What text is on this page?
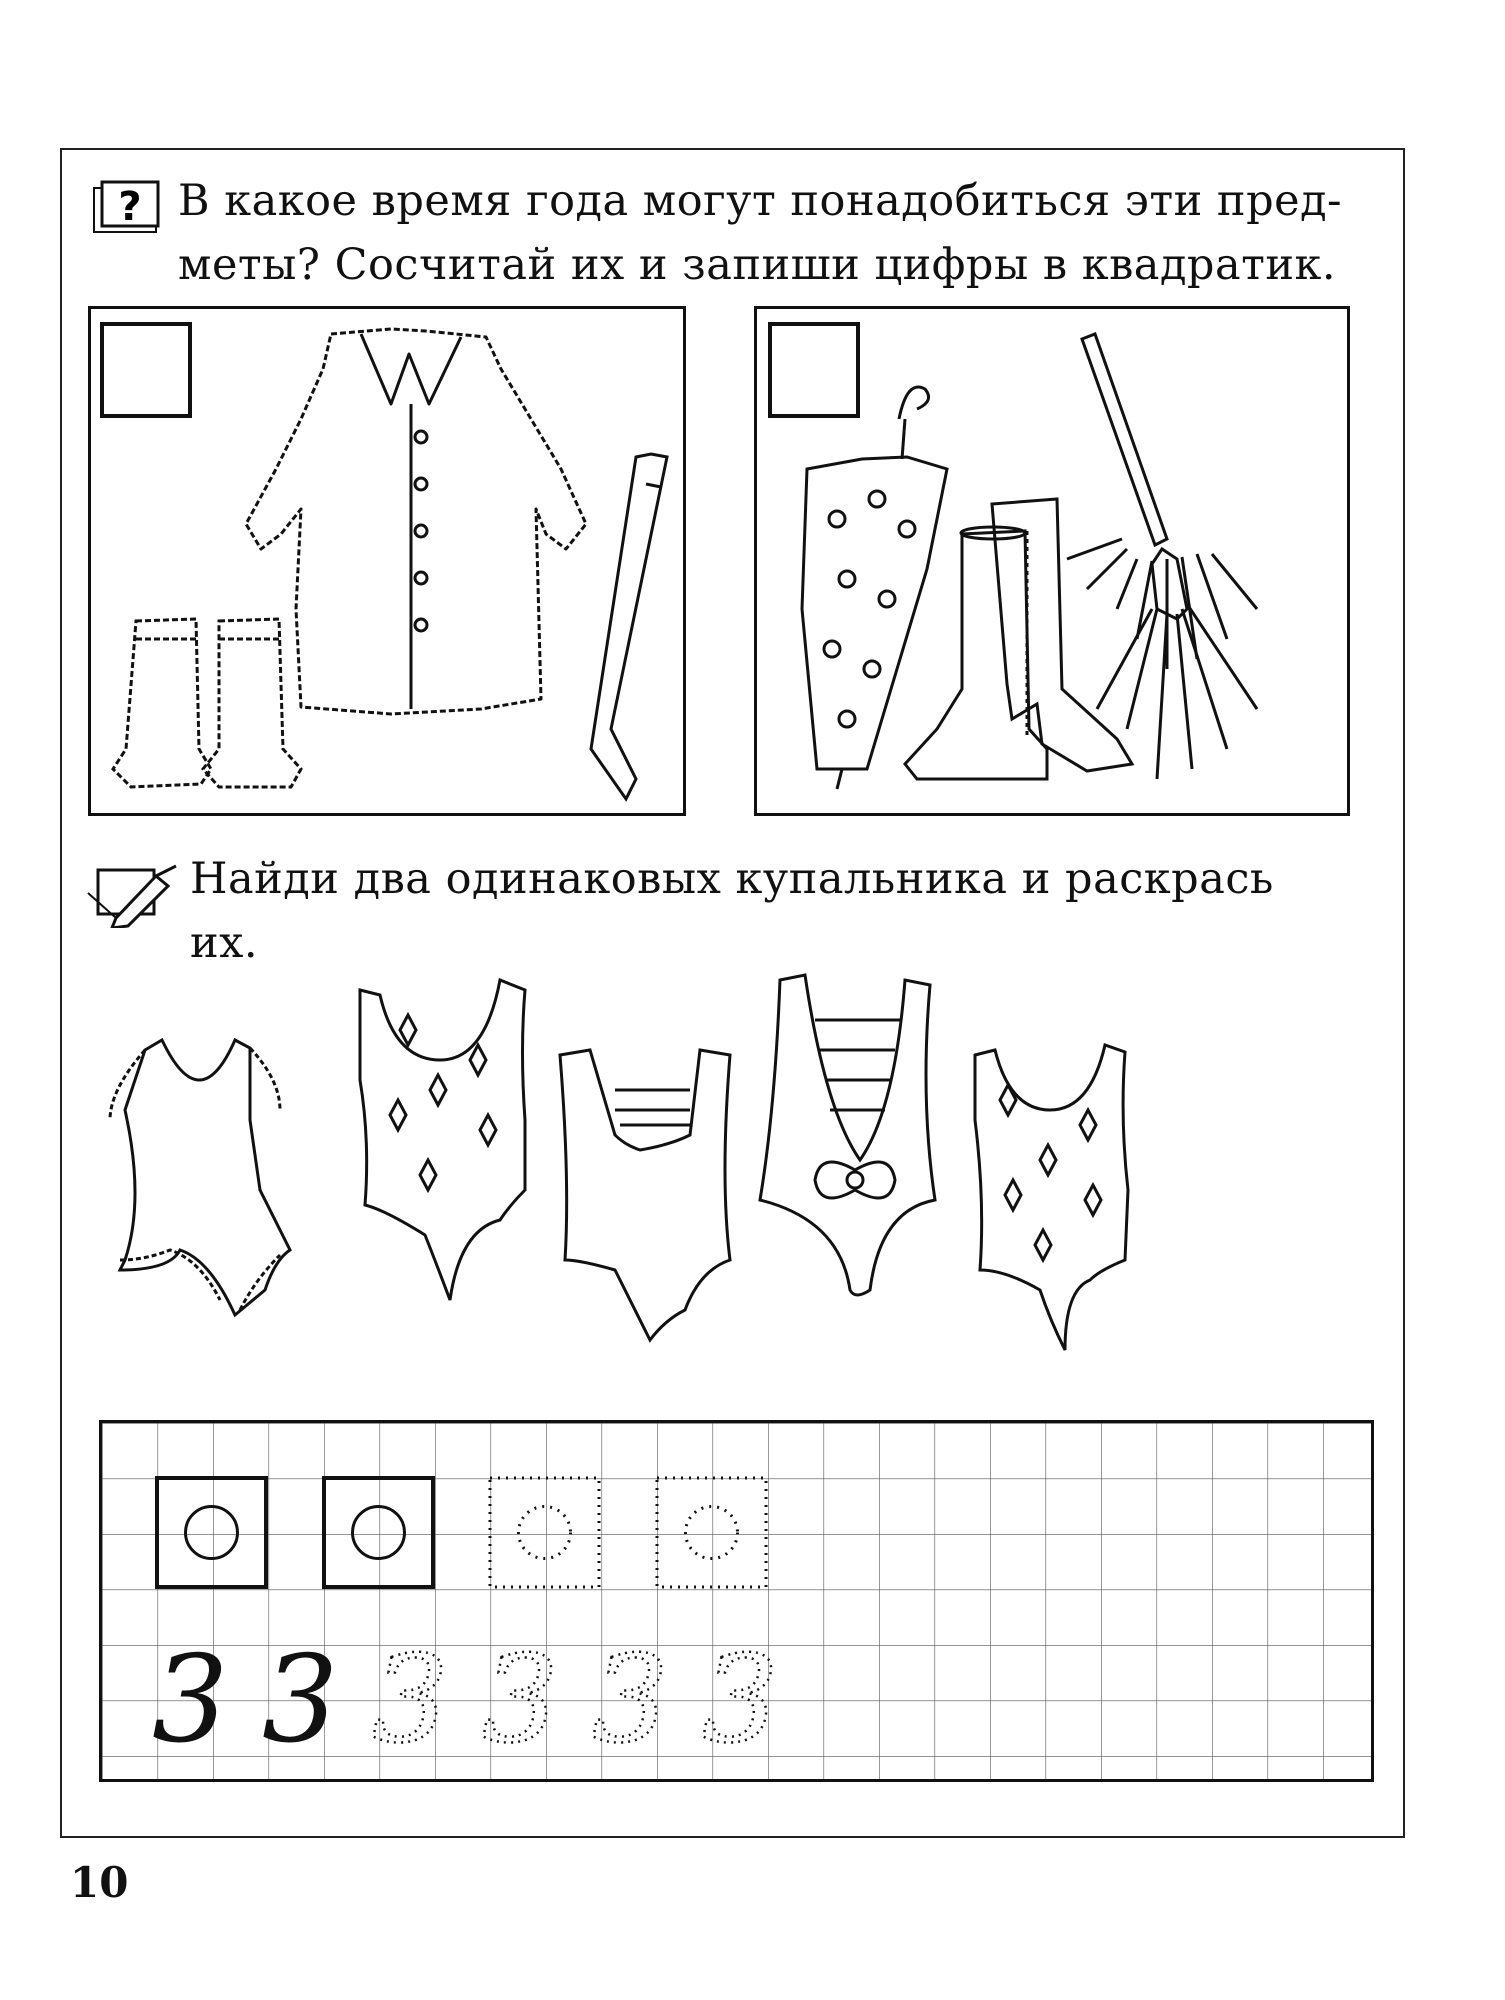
? В какое время года могут понадобиться эти пред-
меты? Сосчитай их и запиши цифры в квадратик.
Найди два одинаковых купальника и раскрась
их.
3 3 3 3 3 3
10
